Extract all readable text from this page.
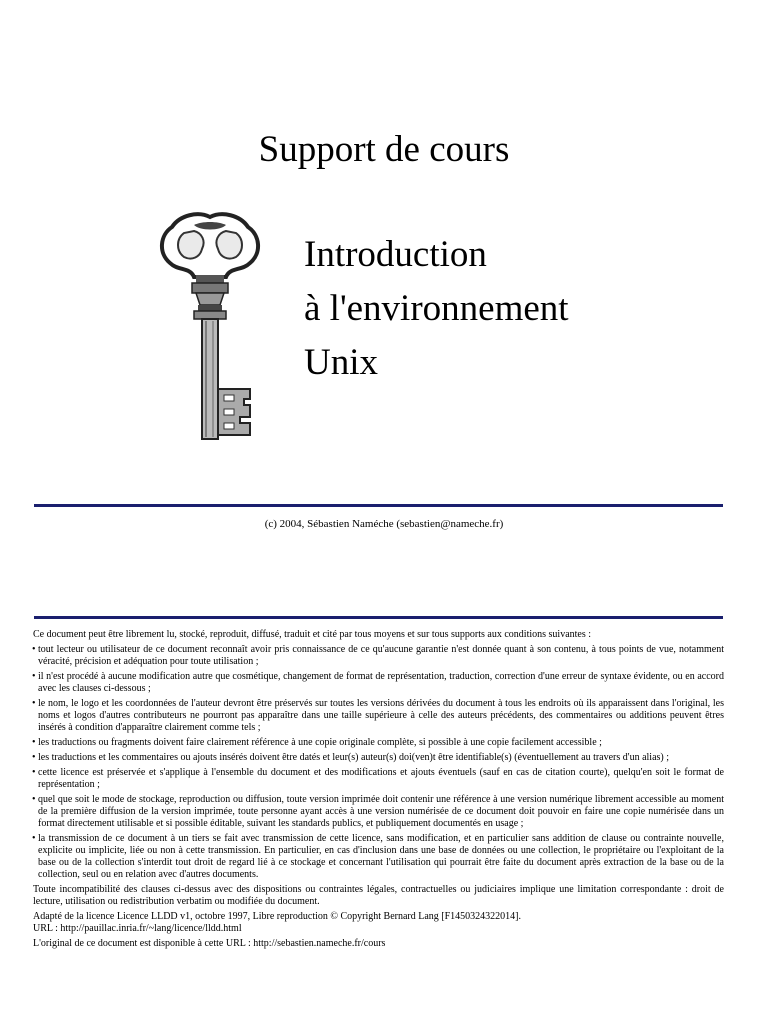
Support de cours
Introduction
à l'environnement
Unix
(c) 2004, Sébastien Naméche (sebastien@nameche.fr)

Ce document peut être librement lu, stocké, reproduit, diffusé, traduit et cité par tous moyens et sur tous supports aux conditions suivantes :

• tout lecteur ou utilisateur de ce document reconnaît avoir pris connaissance de ce qu'aucune garantie n'est donnée quant à son contenu, à tous points de vue, notamment véracité, précision et adéquation pour toute utilisation ;
• il n'est procédé à aucune modification autre que cosmétique, changement de format de représentation, traduction, correction d'une erreur de syntaxe évidente, ou en accord avec les clauses ci-dessous ;
• le nom, le logo et les coordonnées de l'auteur devront être préservés sur toutes les versions dérivées du document à tous les endroits où ils apparaissent dans l'original, les noms et logos d'autres contributeurs ne pourront pas apparaître dans une taille supérieure à celle des auteurs précédents, des commentaires ou additions peuvent êtres insérés à condition d'apparaître clairement comme tels ;
• les traductions ou fragments doivent faire clairement référence à une copie originale complète, si possible à une copie facilement accessible ;
• les traductions et les commentaires ou ajouts insérés doivent être datés et leur(s) auteur(s) doi(ven)t être identifiable(s) (éventuellement au travers d'un alias) ;
• cette licence est préservée et s'applique à l'ensemble du document et des modifications et ajouts éventuels (sauf en cas de citation courte), quelqu'en soit le format de représentation ;
• quel que soit le mode de stockage, reproduction ou diffusion, toute version imprimée doit contenir une référence à une version numérique librement accessible au moment de la première diffusion de la version imprimée, toute personne ayant accès à une version numérisée de ce document doit pouvoir en faire une copie numérisée dans un format directement utilisable et si possible éditable, suivant les standards publics, et publiquement documentés en usage ;
• la transmission de ce document à un tiers se fait avec transmission de cette licence, sans modification, et en particulier sans addition de clause ou contrainte nouvelle, explicite ou implicite, liée ou non à cette transmission. En particulier, en cas d'inclusion dans une base de données ou une collection, le propriétaire ou l'exploitant de la base ou de la collection s'interdit tout droit de regard lié à ce stockage et concernant l'utilisation qui pourrait être faite du document après extraction de la base ou de la collection, seul ou en relation avec d'autres documents.

Toute incompatibilité des clauses ci-dessus avec des dispositions ou contraintes légales, contractuelles ou judiciaires implique une limitation correspondante : droit de lecture, utilisation ou redistribution verbatim ou modifiée du document.

Adapté de la licence Licence LLDD v1, octobre 1997, Libre reproduction © Copyright Bernard Lang [F1450324322014].

URL : http://pauillac.inria.fr/~lang/licence/lldd.html

L'original de ce document est disponible à cette URL : http://sebastien.nameche.fr/cours
